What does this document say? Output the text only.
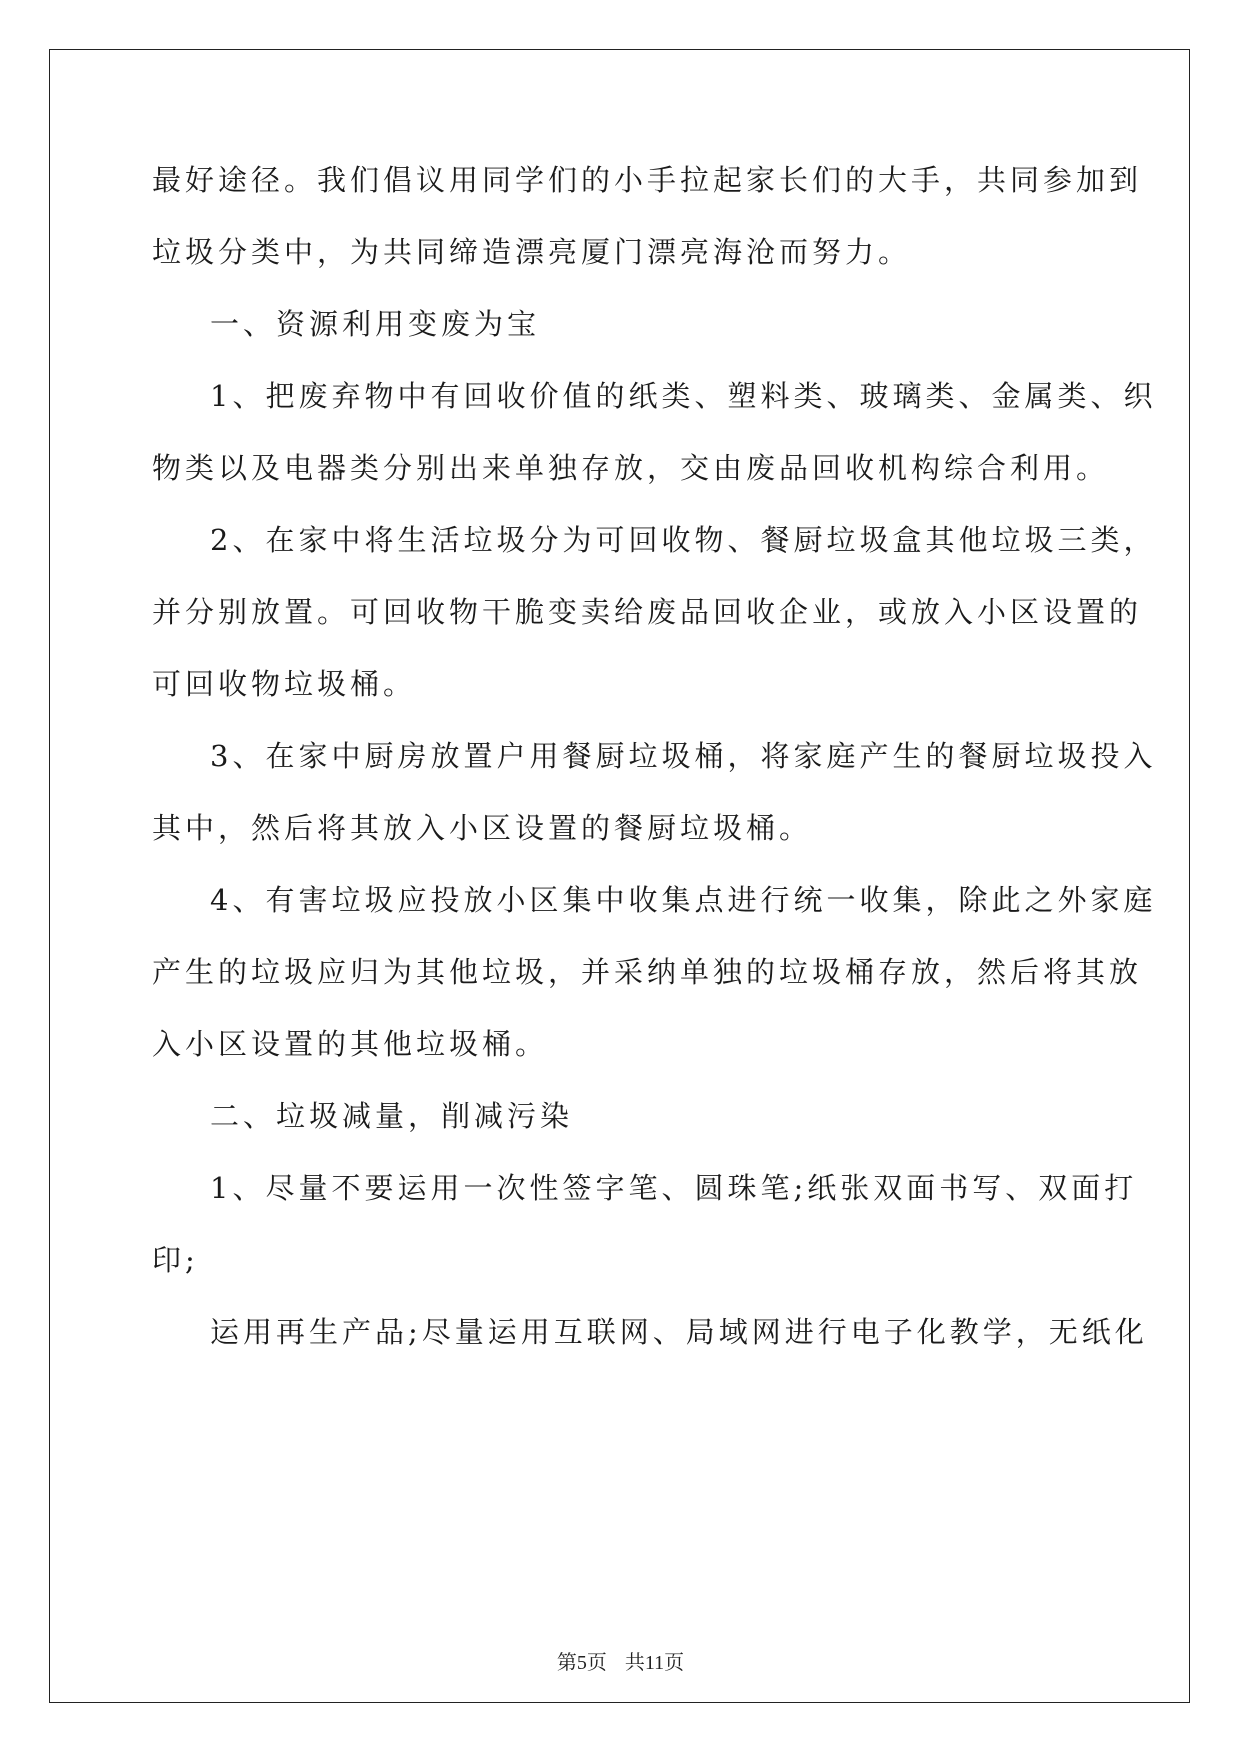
最好途径。我们倡议用同学们的小手拉起家长们的大手，共同参加到
垃圾分类中，为共同缔造漂亮厦门漂亮海沧而努力。
一、资源利用变废为宝
1、把废弃物中有回收价值的纸类、塑料类、玻璃类、金属类、织
物类以及电器类分别出来单独存放，交由废品回收机构综合利用。
2、在家中将生活垃圾分为可回收物、餐厨垃圾盒其他垃圾三类，
并分别放置。可回收物干脆变卖给废品回收企业，或放入小区设置的
可回收物垃圾桶。
3、在家中厨房放置户用餐厨垃圾桶，将家庭产生的餐厨垃圾投入
其中，然后将其放入小区设置的餐厨垃圾桶。
4、有害垃圾应投放小区集中收集点进行统一收集，除此之外家庭
产生的垃圾应归为其他垃圾，并采纳单独的垃圾桶存放，然后将其放
入小区设置的其他垃圾桶。
二、垃圾减量，削减污染
1、尽量不要运用一次性签字笔、圆珠笔;纸张双面书写、双面打
印;
运用再生产品;尽量运用互联网、局域网进行电子化教学，无纸化
第5页 共11页
